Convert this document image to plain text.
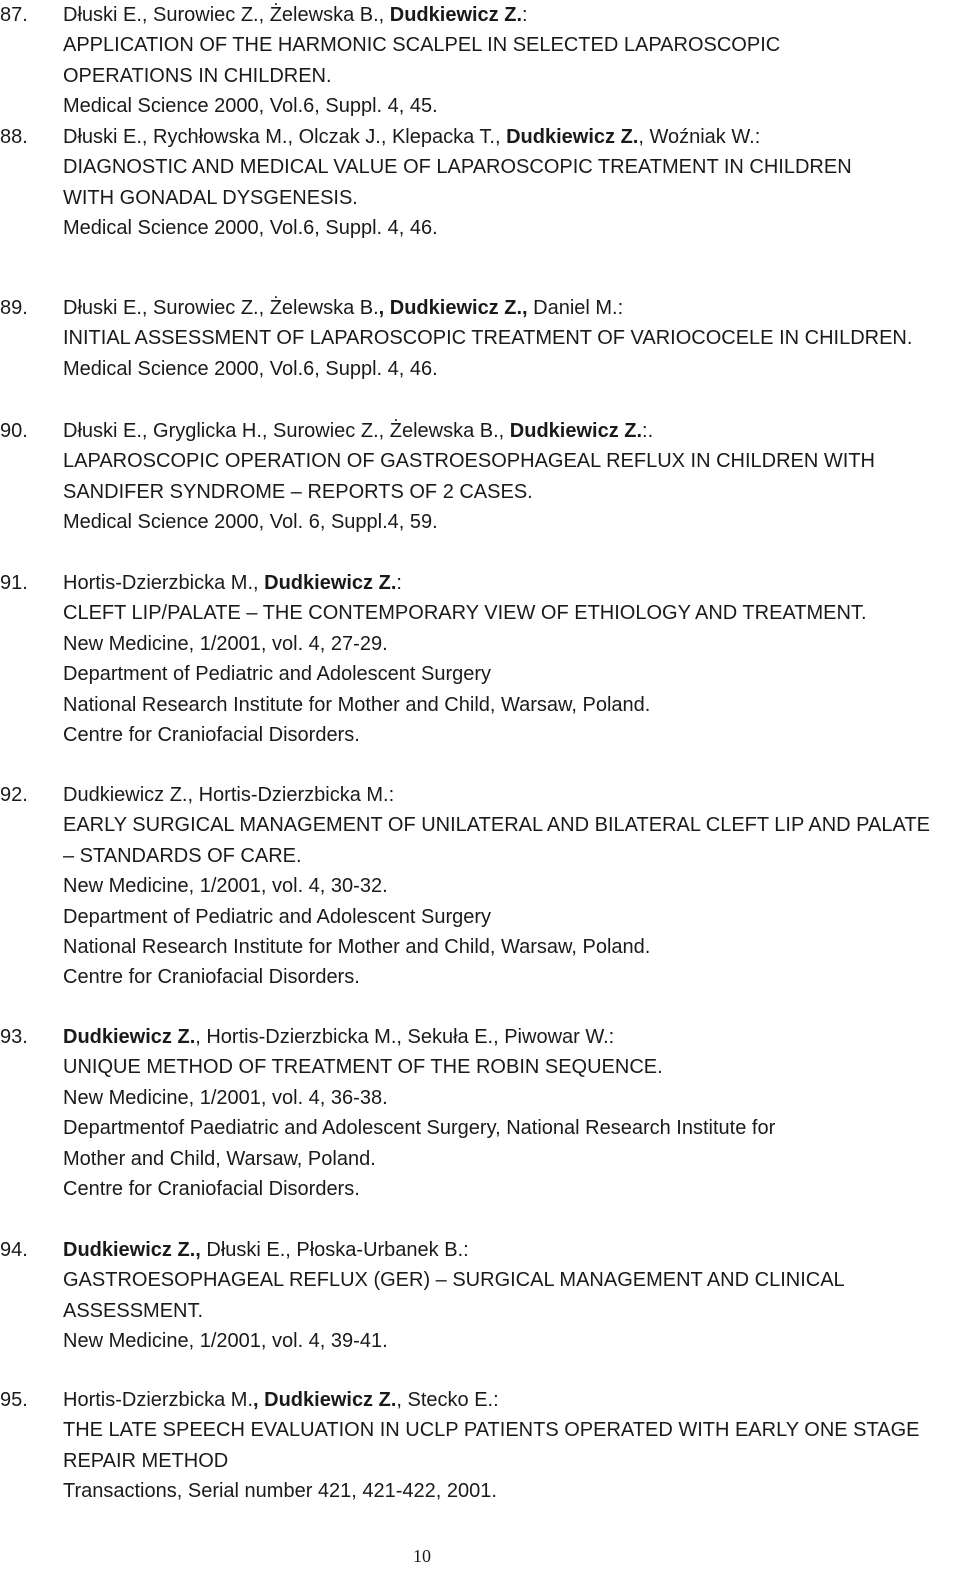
87. Dłuski E., Surowiec Z., Żelewska B., Dudkiewicz Z.:
APPLICATION OF THE HARMONIC SCALPEL IN SELECTED LAPAROSCOPIC
OPERATIONS IN CHILDREN.
Medical Science 2000, Vol.6, Suppl. 4, 45.
88. Dłuski E., Rychłowska M., Olczak J., Klepacka T., Dudkiewicz Z., Woźniak W.:
DIAGNOSTIC AND MEDICAL VALUE OF LAPAROSCOPIC TREATMENT IN CHILDREN
WITH GONADAL DYSGENESIS.
Medical Science 2000, Vol.6, Suppl. 4, 46.
89. Dłuski E., Surowiec Z., Żelewska B., Dudkiewicz Z., Daniel M.:
INITIAL ASSESSMENT OF LAPAROSCOPIC TREATMENT OF VARIOCOCELE IN CHILDREN.
Medical Science 2000, Vol.6, Suppl. 4, 46.
90. Dłuski E., Gryglicka H., Surowiec Z., Żelewska B., Dudkiewicz Z.:.
LAPAROSCOPIC OPERATION OF GASTROESOPHAGEAL REFLUX IN CHILDREN WITH
SANDIFER SYNDROME – REPORTS OF 2 CASES.
Medical Science 2000, Vol. 6, Suppl.4, 59.
91. Hortis-Dzierzbicka M., Dudkiewicz Z.:
CLEFT LIP/PALATE – THE CONTEMPORARY VIEW OF ETHIOLOGY AND TREATMENT.
New Medicine, 1/2001, vol. 4, 27-29.
Department of Pediatric and Adolescent Surgery
National Research Institute for Mother and Child, Warsaw, Poland.
Centre for Craniofacial Disorders.
92. Dudkiewicz Z., Hortis-Dzierzbicka M.:
EARLY SURGICAL MANAGEMENT OF UNILATERAL AND BILATERAL CLEFT LIP AND PALATE
– STANDARDS OF CARE.
New Medicine, 1/2001, vol. 4, 30-32.
Department of Pediatric and Adolescent Surgery
National Research Institute for Mother and Child, Warsaw, Poland.
Centre for Craniofacial Disorders.
93. Dudkiewicz Z., Hortis-Dzierzbicka M., Sekuła E., Piwowar W.:
UNIQUE METHOD OF TREATMENT OF THE ROBIN SEQUENCE.
New Medicine, 1/2001, vol. 4, 36-38.
Departmentof Paediatric and Adolescent Surgery, National Research Institute for
Mother and Child, Warsaw, Poland.
Centre for Craniofacial Disorders.
94. Dudkiewicz Z., Dłuski E., Płoska-Urbanek B.:
GASTROESOPHAGEAL REFLUX (GER) – SURGICAL MANAGEMENT AND CLINICAL
ASSESSMENT.
New Medicine, 1/2001, vol. 4, 39-41.
95. Hortis-Dzierzbicka M., Dudkiewicz Z., Stecko E.:
THE LATE SPEECH EVALUATION IN UCLP PATIENTS OPERATED WITH EARLY ONE STAGE
REPAIR METHOD
Transactions, Serial number 421, 421-422, 2001.
10
